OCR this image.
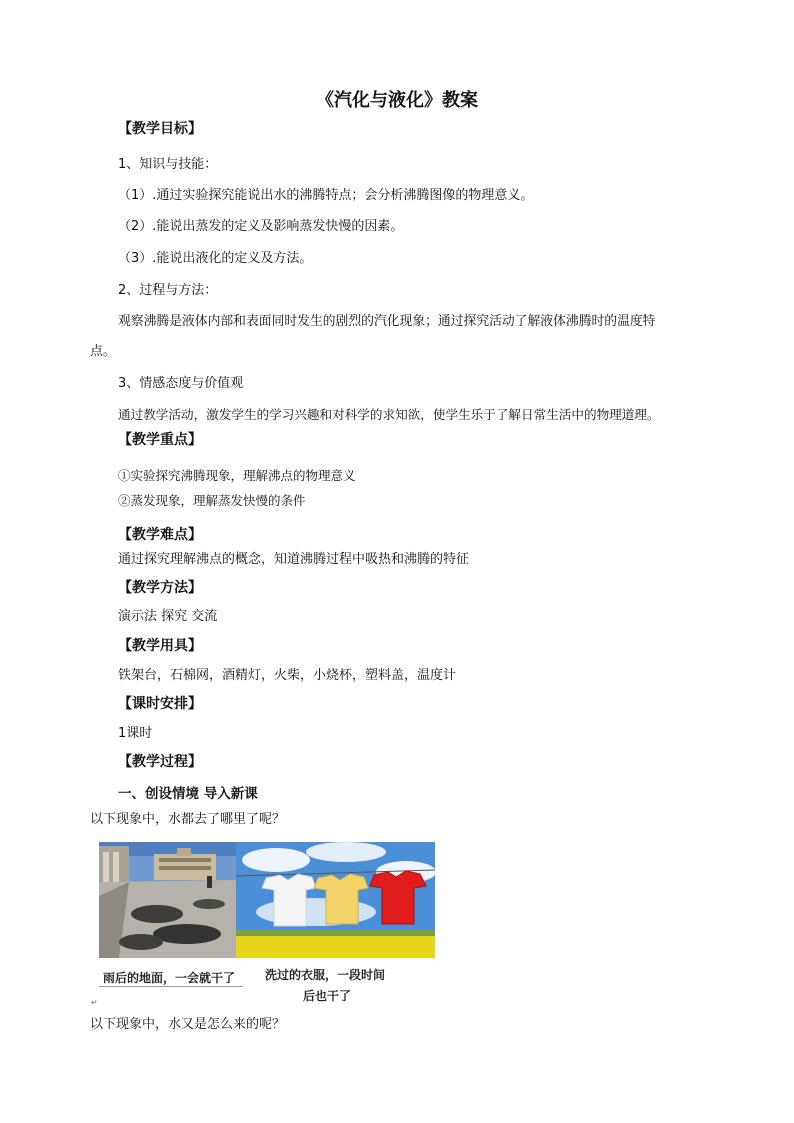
《汽化与液化》教案
【教学目标】
1、知识与技能：
（1）.通过实验探究能说出水的沸腾特点；会分析沸腾图像的物理意义。
（2）.能说出蒸发的定义及影响蒸发快慢的因素。
（3）.能说出液化的定义及方法。
2、过程与方法：
观察沸腾是液体内部和表面同时发生的剧烈的汽化现象；通过探究活动了解液体沸腾时的温度特
点。
3、情感态度与价值观
通过教学活动，激发学生的学习兴趣和对科学的求知欲，使学生乐于了解日常生活中的物理道理。
【教学重点】
①实验探究沸腾现象，理解沸点的物理意义
②蒸发现象，理解蒸发快慢的条件
【教学难点】
通过探究理解沸点的概念，知道沸腾过程中吸热和沸腾的特征
【教学方法】
演示法 探究 交流
【教学用具】
铁架台，石棉网，酒精灯，火柴，小烧杯，塑料盖，温度计
【课时安排】
1课时
【教学过程】
一、创设情境 导入新课
以下现象中，水都去了哪里了呢？
雨后的地面，一会就干了 洗过的衣服，一段时间
后也干了
↵
以下现象中，水又是怎么来的呢？
